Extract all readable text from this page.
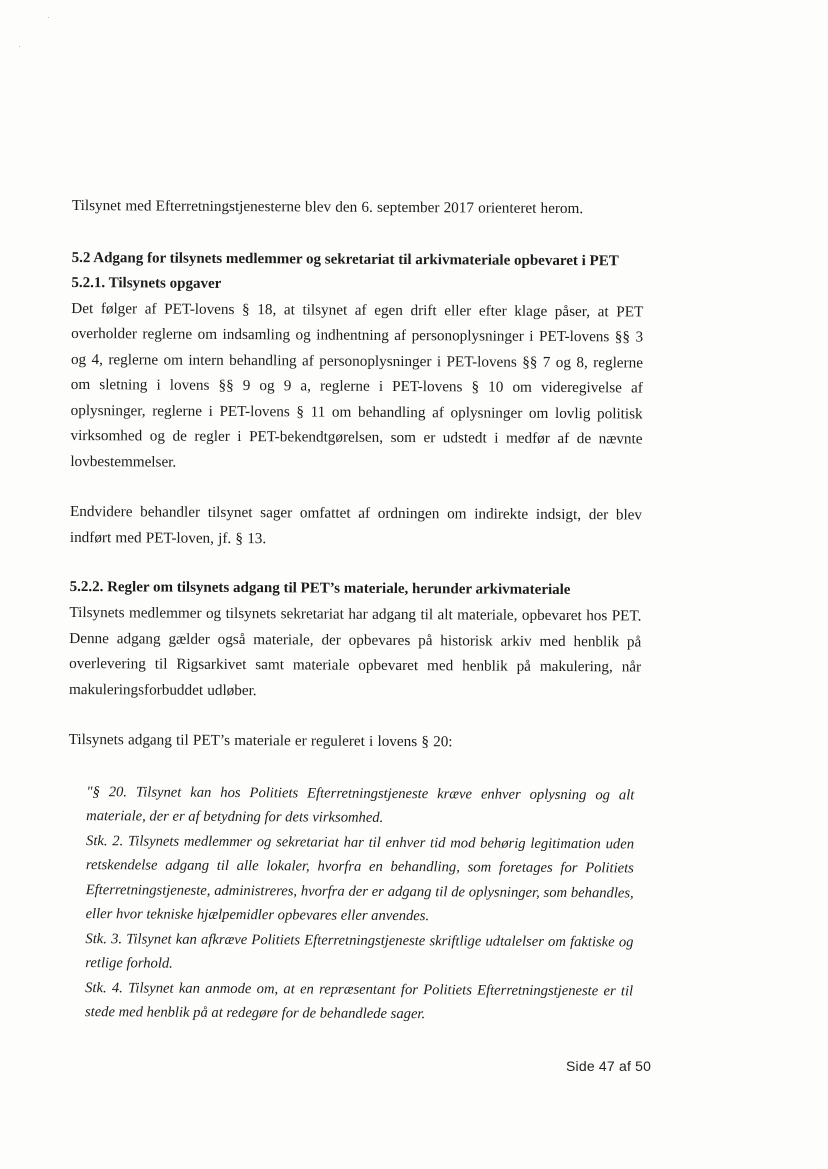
Tilsynet med Efterretningstjenesterne blev den 6. september 2017 orienteret herom.

5.2 Adgang for tilsynets medlemmer og sekretariat til arkivmateriale opbevaret i PET
5.2.1. Tilsynets opgaver

Det følger af PET-lovens § 18, at tilsynet af egen drift eller efter klage påser, at PET overholder reglerne om indsamling og indhentning af personoplysninger i PET-lovens §§ 3 og 4, reglerne om intern behandling af personoplysninger i PET-lovens §§ 7 og 8, reglerne om sletning i lovens §§ 9 og 9 a, reglerne i PET-lovens § 10 om videregivelse af oplysninger, reglerne i PET-lovens § 11 om behandling af oplysninger om lovlig politisk virksomhed og de regler i PET-bekendtgørelsen, som er udstedt i medfør af de nævnte lovbestemmelser.

Endvidere behandler tilsynet sager omfattet af ordningen om indirekte indsigt, der blev indført med PET-loven, jf. § 13.

5.2.2. Regler om tilsynets adgang til PET’s materiale, herunder arkivmateriale

Tilsynets medlemmer og tilsynets sekretariat har adgang til alt materiale, opbevaret hos PET. Denne adgang gælder også materiale, der opbevares på historisk arkiv med henblik på overlevering til Rigsarkivet samt materiale opbevaret med henblik på makulering, når makuleringsforbuddet udløber.

Tilsynets adgang til PET’s materiale er reguleret i lovens § 20:

"§ 20. Tilsynet kan hos Politiets Efterretningstjeneste kræve enhver oplysning og alt materiale, der er af betydning for dets virksomhed.

Stk. 2. Tilsynets medlemmer og sekretariat har til enhver tid mod behørig legitimation uden retskendelse adgang til alle lokaler, hvorfra en behandling, som foretages for Politiets Efterretningstjeneste, administreres, hvorfra der er adgang til de oplysninger, som behandles, eller hvor tekniske hjælpemidler opbevares eller anvendes.

Stk. 3. Tilsynet kan afkræve Politiets Efterretningstjeneste skriftlige udtalelser om faktiske og retlige forhold.

Stk. 4. Tilsynet kan anmode om, at en repræsentant for Politiets Efterretningstjeneste er til stede med henblik på at redegøre for de behandlede sager.

Side 47 af 50
